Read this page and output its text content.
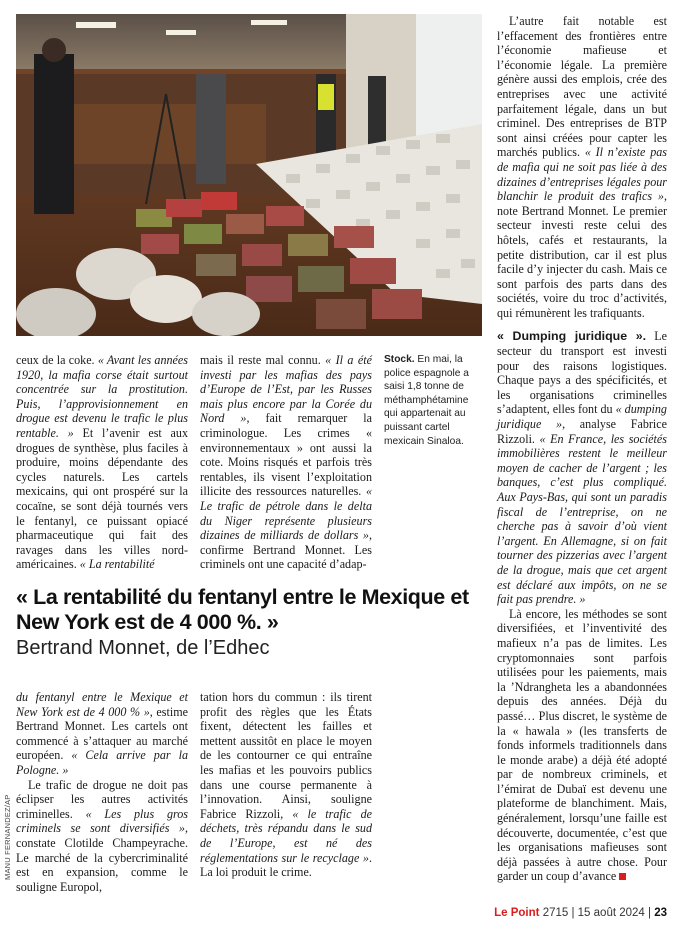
Stock. En mai, la police espagnole a saisi 1,8 tonne de méthamphétamine qui appartenait au puissant cartel mexicain Sinaloa.

ceux de la coke. « Avant les années 1920, la mafia corse était surtout concentrée sur la prostitution. Puis, l’approvisionnement en drogue est devenu le trafic le plus rentable. » Et l’avenir est aux drogues de synthèse, plus faciles à produire, moins dépendante des cycles naturels. Les cartels mexicains, qui ont prospéré sur la cocaïne, se sont déjà tournés vers le fentanyl, ce puissant opiacé pharmaceutique qui fait des ravages dans les villes nord-américaines. « La rentabilité

mais il reste mal connu. « Il a été investi par les mafias des pays d’Europe de l’Est, par les Russes mais plus encore par la Corée du Nord », fait remarquer la criminologue. Les crimes « environnementaux » ont aussi la cote. Moins risqués et parfois très rentables, ils visent l’exploitation illicite des ressources naturelles. « Le trafic de pétrole dans le delta du Niger représente plusieurs dizaines de milliards de dollars », confirme Bertrand Monnet. Les criminels ont une capacité d’adap-

« La rentabilité du fentanyl entre le Mexique et New York est de 4 000 %. »
Bertrand Monnet, de l’Edhec

du fentanyl entre le Mexique et New York est de 4 000 % », estime Bertrand Monnet. Les cartels ont commencé à s’attaquer au marché européen. « Cela arrive par la Pologne. »

Le trafic de drogue ne doit pas éclipser les autres activités criminelles. « Les plus gros criminels se sont diversifiés », constate Clotilde Champeyrache. Le marché de la cybercriminalité est en expansion, comme le souligne Europol,

tation hors du commun : ils tirent profit des règles que les États fixent, détectent les failles et mettent aussitôt en place le moyen de les contourner ce qui entraîne les mafias et les pouvoirs publics dans une course permanente à l’innovation. Ainsi, souligne Fabrice Rizzoli, « le trafic de déchets, très répandu dans le sud de l’Europe, est né des réglementations sur le recyclage ». La loi produit le crime.

L’autre fait notable est l’effacement des frontières entre l’économie mafieuse et l’économie légale. La première génère aussi des emplois, crée des entreprises avec une activité parfaitement légale, dans un but criminel. Des entreprises de BTP sont ainsi créées pour capter les marchés publics. « Il n’existe pas de mafia qui ne soit pas liée à des dizaines d’entreprises légales pour blanchir le produit des trafics », note Bertrand Monnet. Le premier secteur investi reste celui des hôtels, cafés et restaurants, la petite distribution, car il est plus facile d’y injecter du cash. Mais ce sont parfois des parts dans des sociétés, voire du troc d’activités, qui rémunèrent les trafiquants.

« Dumping juridique ». Le secteur du transport est investi pour des raisons logistiques. Chaque pays a des spécificités, et les organisations criminelles s’adaptent, elles font du « dumping juridique », analyse Fabrice Rizzoli. « En France, les sociétés immobilières restent le meilleur moyen de cacher de l’argent ; les banques, c’est plus compliqué. Aux Pays-Bas, qui sont un paradis fiscal de l’entreprise, on ne cherche pas à savoir d’où vient l’argent. En Allemagne, si on fait tourner des pizzerias avec l’argent de la drogue, mais que cet argent est déclaré aux impôts, on ne se fait pas prendre. »

Là encore, les méthodes se sont diversifiées, et l’inventivité des mafieux n’a pas de limites. Les cryptomonnaies sont parfois utilisées pour les paiements, mais la ’Ndrangheta les a abandonnées depuis des années. Déjà du passé… Plus discret, le système de la « hawala » (les transferts de fonds informels traditionnels dans le monde arabe) a déjà été adopté par de nombreux criminels, et l’émirat de Dubaï est devenu une plateforme de blanchiment. Mais, généralement, lorsqu’une faille est découverte, documentée, c’est que les organisations mafieuses sont déjà passées à autre chose. Pour garder un coup d’avance

MANU FERNANDEZ/AP
Le Point 2715 | 15 août 2024 | 23
